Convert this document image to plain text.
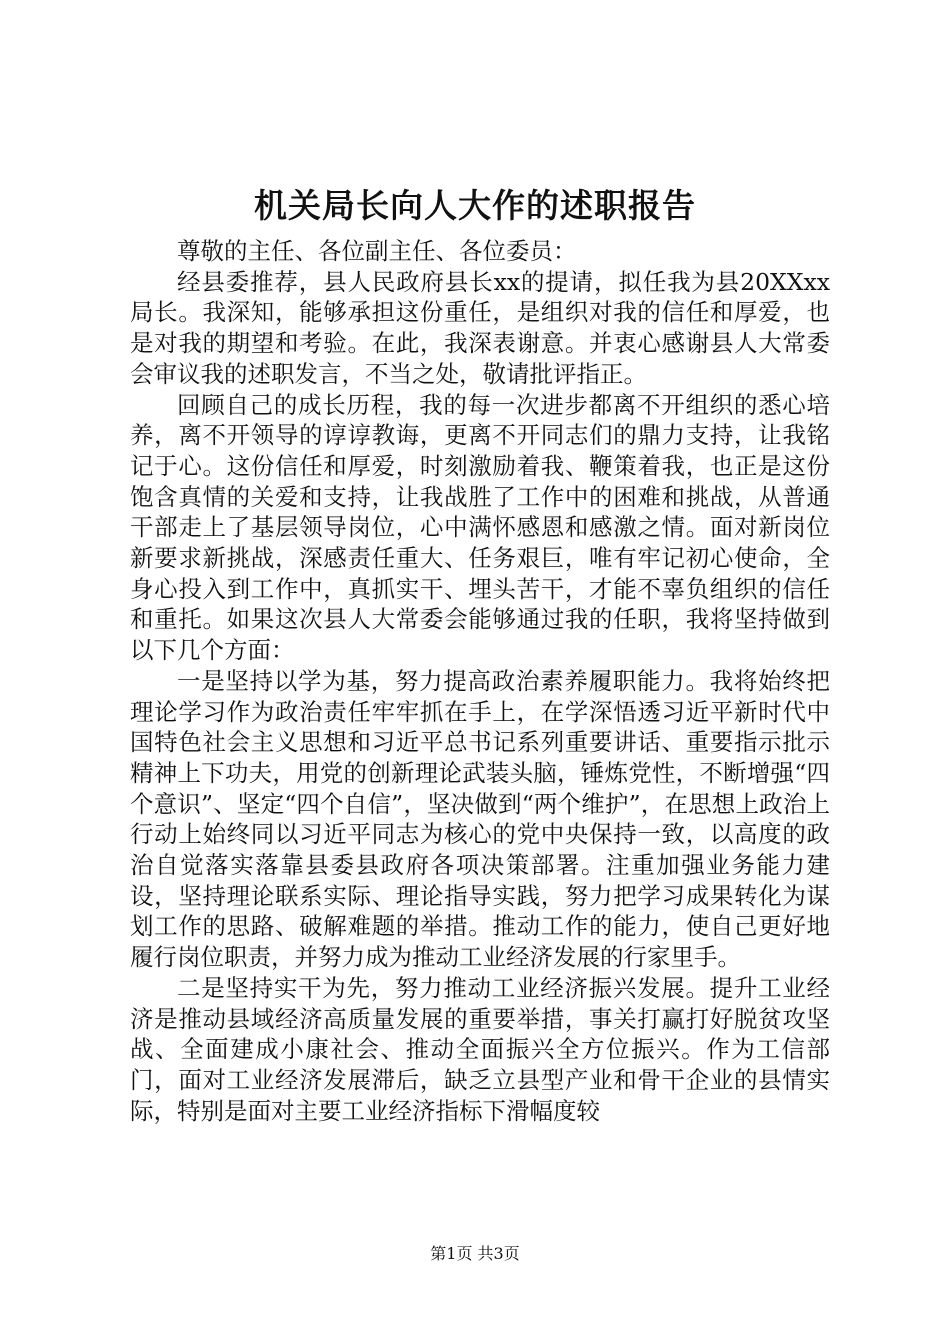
机关局长向人大作的述职报告

尊敬的主任、各位副主任、各位委员：

经县委推荐，县人民政府县长xx的提请，拟任我为县20XXxx局长。我深知，能够承担这份重任，是组织对我的信任和厚爱，也是对我的期望和考验。在此，我深表谢意。并衷心感谢县人大常委会审议我的述职发言，不当之处，敬请批评指正。

回顾自己的成长历程，我的每一次进步都离不开组织的悉心培养，离不开领导的谆谆教诲，更离不开同志们的鼎力支持，让我铭记于心。这份信任和厚爱，时刻激励着我、鞭策着我，也正是这份饱含真情的关爱和支持，让我战胜了工作中的困难和挑战，从普通干部走上了基层领导岗位，心中满怀感恩和感激之情。面对新岗位新要求新挑战，深感责任重大、任务艰巨，唯有牢记初心使命，全身心投入到工作中，真抓实干、埋头苦干，才能不辜负组织的信任和重托。如果这次县人大常委会能够通过我的任职，我将坚持做到以下几个方面：

一是坚持以学为基，努力提高政治素养履职能力。我将始终把理论学习作为政治责任牢牢抓在手上，在学深悟透习近平新时代中国特色社会主义思想和习近平总书记系列重要讲话、重要指示批示精神上下功夫，用党的创新理论武装头脑，锤炼党性，不断增强“四个意识”、坚定“四个自信”，坚决做到“两个维护”，在思想上政治上行动上始终同以习近平同志为核心的党中央保持一致，以高度的政治自觉落实落靠县委县政府各项决策部署。注重加强业务能力建设，坚持理论联系实际、理论指导实践，努力把学习成果转化为谋划工作的思路、破解难题的举措。推动工作的能力，使自己更好地履行岗位职责，并努力成为推动工业经济发展的行家里手。

二是坚持实干为先，努力推动工业经济振兴发展。提升工业经济是推动县域经济高质量发展的重要举措，事关打赢打好脱贫攻坚战、全面建成小康社会、推动全面振兴全方位振兴。作为工信部门，面对工业经济发展滞后，缺乏立县型产业和骨干企业的县情实际，特别是面对主要工业经济指标下滑幅度较

第1页 共3页
